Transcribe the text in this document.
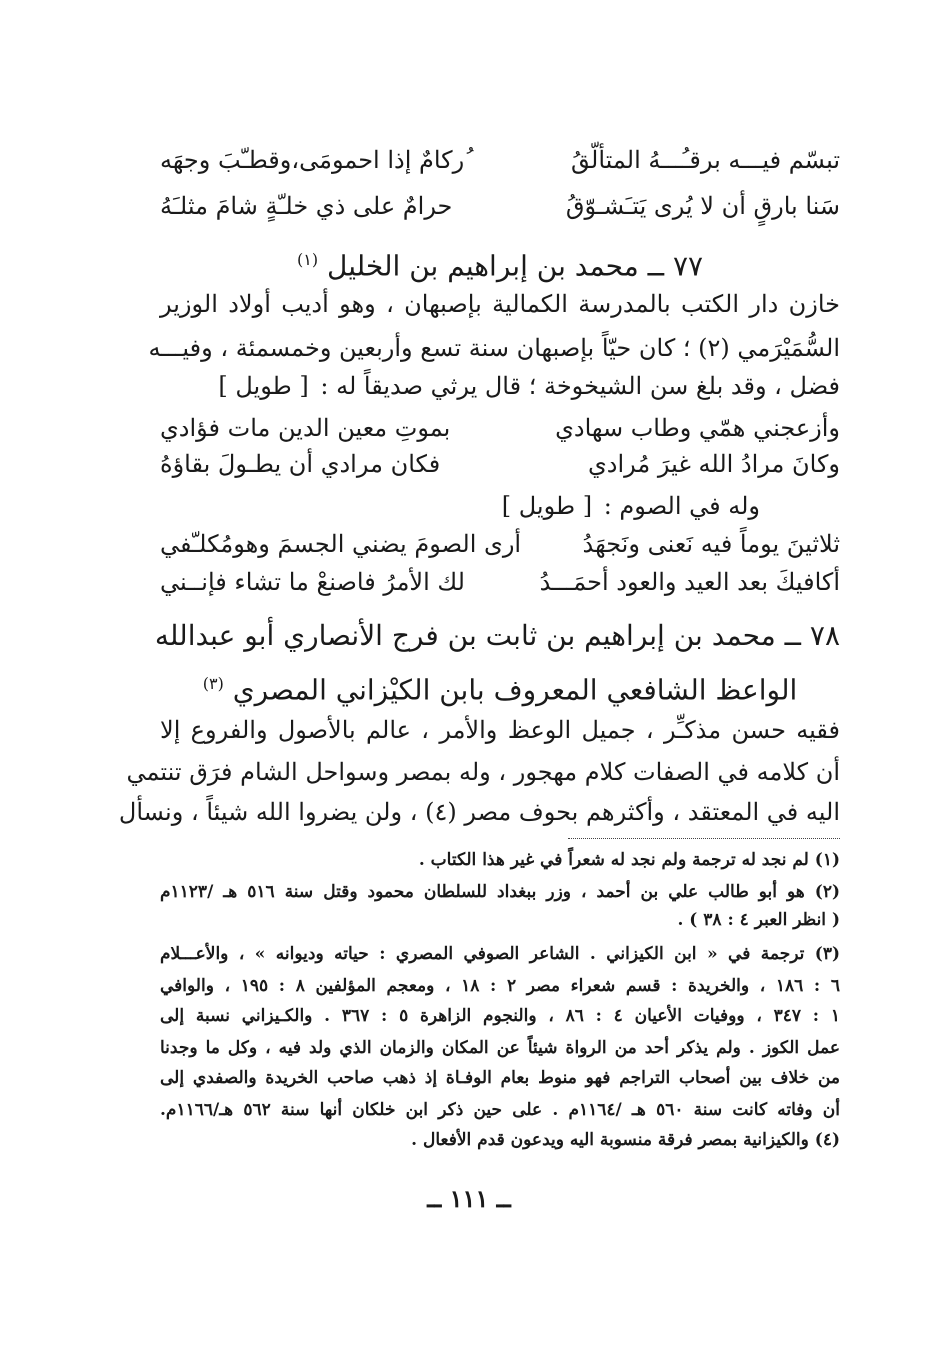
تبسّم فيـــه برقـُـــهُ المتألّقُ
ُركامٌ إذا احمومَى،وقطـّبَ وجهَه
سَنا بارقٍ أن لا يُرى يَتـَشـوّقُ
حرامٌ على ذي خلـّةٍ شامَ مثلـَهُ
٧٧ ــ محمد بن إبراهيم بن الخليل $^{(١)}$
خازن دار الكتب بالمدرسة الكمالية بإصبهان ، وهو أديب أولاد الوزير
السُّمَيْرَمي (٢) ؛ كان حيّاً بإصبهان سنة تسع وأربعين وخمسمئة ، وفيـــه
فضل ، وقد بلغ سن الشيخوخة ؛ قال يرثي صديقاً له : [ طويل ]
وأزعجني همّي وطاب سهادي
بموتِ معين الدين مات فؤادي
وكانَ مرادُ الله غيرَ مُرادي
فكان مرادي أن يطـولَ بقاؤهُ
وله في الصوم : [ طويل ]
ثلاثينَ يوماً فيه نَعنى ونَجهَدُ
أرى الصومَ يضني الجسمَ وهومُكلـّفي
أكافيكَ بعد العيد والعود أحمَـــدُ
لك الأمرُ فاصنعْ ما تشاء فإنــني
٧٨ ــ محمد بن إبراهيم بن ثابت بن فرج الأنصاري أبو عبدالله
الواعظ الشافعي المعروف بابن الكيْزاني المصري $^{(٣)}$
فقيه حسن مذكـِّر ، جميل الوعظ والأمر ، عالم بالأصول والفروع إلا
أن كلامه في الصفات كلام مهجور ، وله بمصر وسواحل الشام فرَق تنتمي
اليه في المعتقد ، وأكثرهم بحوف مصر (٤) ، ولن يضروا الله شيئاً ، ونسأل
(١) لم نجد له ترجمة ولم نجد له شعراً في غير هذا الكتاب .
(٢) هو أبو طالب علي بن أحمد ، وزر ببغداد للسلطان محمود وقتل سنة ٥١٦ هـ /١١٢٣م
( انظر العبر ٤ : ٣٨ ) .
(٣) ترجمة في « ابن الكيزاني . الشاعر الصوفي المصري : حياته وديوانه » ، والأعـــلام
٦ : ١٨٦ ، والخريدة : قسم شعراء مصر ٢ : ١٨ ، ومعجم المؤلفين ٨ : ١٩٥ ، والوافي
١ : ٣٤٧ ، ووفيات الأعيان ٤ : ٨٦ ، والنجوم الزاهرة ٥ : ٣٦٧ . والكـيزاني نسبة إلى
عمل الكوز . ولم يذكر أحد من الرواة شيئاً عن المكان والزمان الذي ولد فيه ، وكل ما وجدنا
من خلاف بين أصحاب التراجم فهو منوط بعام الوفـاة إذ ذهب صاحب الخريدة والصفدي إلى
أن وفاته كانت سنة ٥٦٠ هـ /١١٦٤م . على حين ذكر ابن خلكان أنها سنة ٥٦٢ هـ/١١٦٦م.
(٤) والكيزانية بمصر فرقة منسوبة اليه ويدعون قدم الأفعال .
ــ ١١١ ــ
